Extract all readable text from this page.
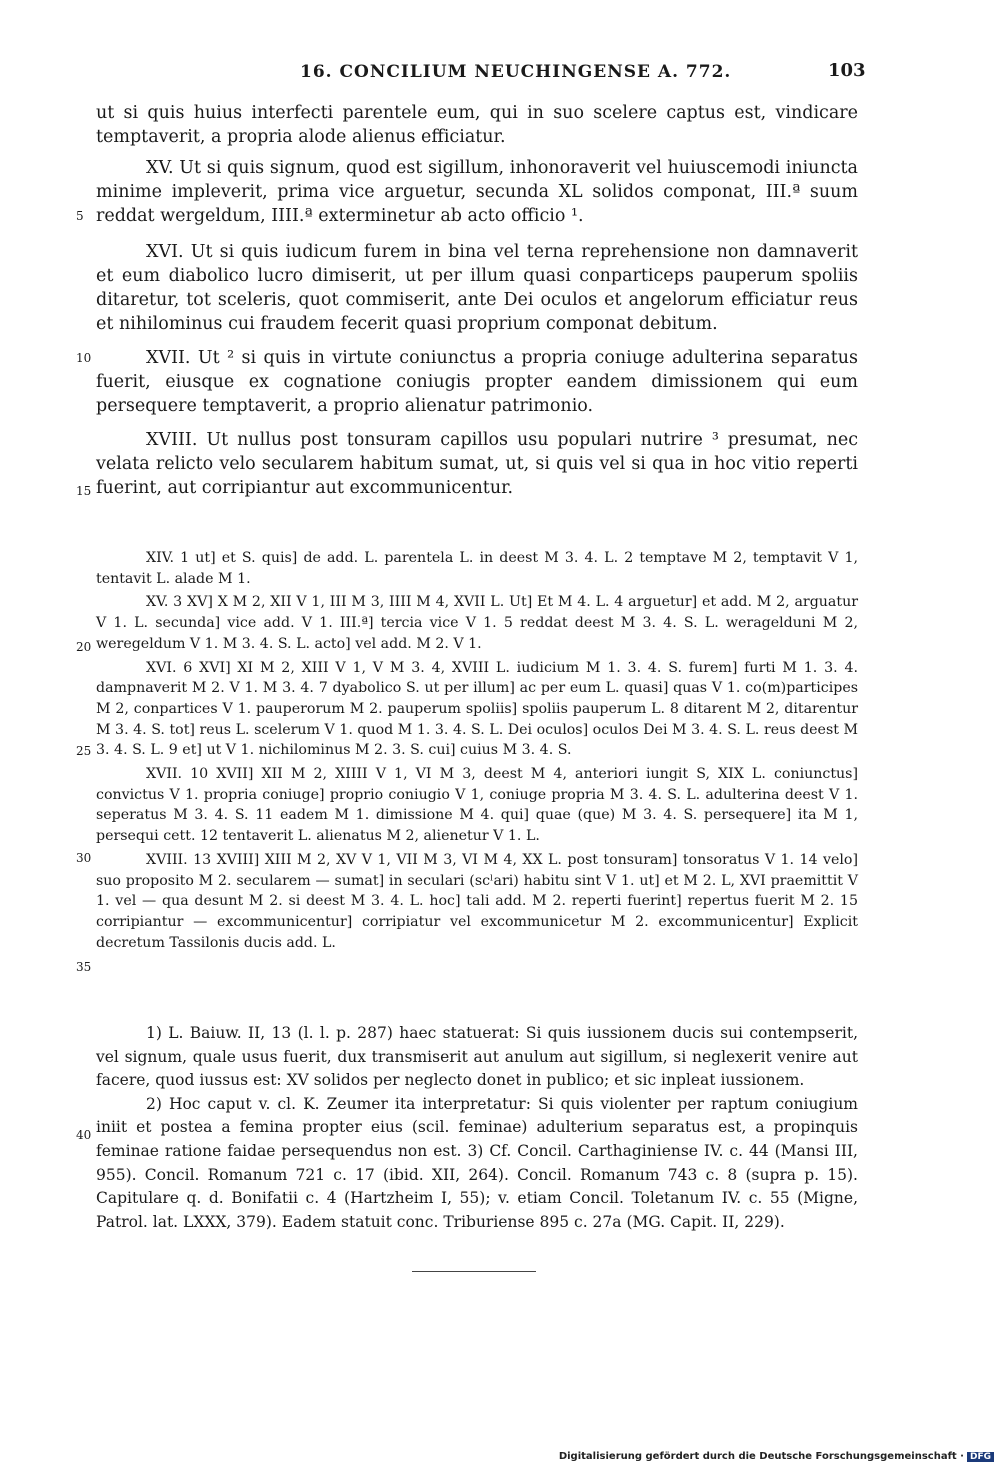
16. CONCILIUM NEUCHINGENSE A. 772.	103

ut si quis huius interfecti parentele eum, qui in suo scelere captus est, vindicare temptaverit, a propria alode alienus efficiatur.

XV. Ut si quis signum, quod est sigillum, inhonoraverit vel huiuscemodi iniuncta minime impleverit, prima vice arguetur, secunda XL solidos componat, III.ª suum reddat wergeldum, IIII.ª exterminetur ab acto officio ¹.

XVI. Ut si quis iudicum furem in bina vel terna reprehensione non damnaverit et eum diabolico lucro dimiserit, ut per illum quasi conparticeps pauperum spoliis ditaretur, tot sceleris, quot commiserit, ante Dei oculos et angelorum efficiatur reus et nihilominus cui fraudem fecerit quasi proprium componat debitum.

XVII. Ut ² si quis in virtute coniunctus a propria coniuge adulterina separatus fuerit, eiusque ex cognatione coniugis propter eandem dimissionem qui eum persequere temptaverit, a proprio alienatur patrimonio.

XVIII. Ut nullus post tonsuram capillos usu populari nutrire ³ presumat, nec velata relicto velo secularem habitum sumat, ut, si quis vel si qua in hoc vitio reperti fuerint, aut corripiantur aut excommunicentur.

5
10
15
20
25
30
35
40

XIV. 1 ut] et S. quis] de add. L. parentela L. in deest M 3. 4. L. 2 temptave M 2, temptavit V 1, tentavit L. alade M 1.

XV. 3 XV] X M 2, XII V 1, III M 3, IIII M 4, XVII L. Ut] Et M 4. L. 4 arguetur] et add. M 2, arguatur V 1. L. secunda] vice add. V 1. III.ª] tercia vice V 1. 5 reddat deest M 3. 4. S. L. weragelduni M 2, weregeldum V 1. M 3. 4. S. L. acto] vel add. M 2. V 1.

XVI. 6 XVI] XI M 2, XIII V 1, V M 3. 4, XVIII L. iudicium M 1. 3. 4. S. furem] furti M 1. 3. 4. dampnaverit M 2. V 1. M 3. 4. 7 dyabolico S. ut per illum] ac per eum L. quasi] quas V 1. co(m)participes M 2, conpartices V 1. pauperorum M 2. pauperum spoliis] spoliis pauperum L. 8 ditarent M 2, ditarentur M 3. 4. S. tot] reus L. scelerum V 1. quod M 1. 3. 4. S. L. Dei oculos] oculos Dei M 3. 4. S. L. reus deest M 3. 4. S. L. 9 et] ut V 1. nichilominus M 2. 3. S. cui] cuius M 3. 4. S.

XVII. 10 XVII] XII M 2, XIIII V 1, VI M 3, deest M 4, anteriori iungit S, XIX L. coniunctus] convictus V 1. propria coniuge] proprio coniugio V 1, coniuge propria M 3. 4. S. L. adulterina deest V 1. seperatus M 3. 4. S. 11 eadem M 1. dimissione M 4. qui] quae (que) M 3. 4. S. persequere] ita M 1, persequi cett. 12 tentaverit L. alienatus M 2, alienetur V 1. L.

XVIII. 13 XVIII] XIII M 2, XV V 1, VII M 3, VI M 4, XX L. post tonsuram] tonsoratus V 1. 14 velo] suo proposito M 2. secularem — sumat] in seculari (scˡari) habitu sint V 1. ut] et M 2. L, XVI praemittit V 1. vel — qua desunt M 2. si deest M 3. 4. L. hoc] tali add. M 2. reperti fuerint] repertus fuerit M 2. 15 corripiantur — excommunicentur] corripiatur vel excommunicetur M 2. excommunicentur] Explicit decretum Tassilonis ducis add. L.

1) L. Baiuw. II, 13 (l. l. p. 287) haec statuerat: Si quis iussionem ducis sui contempserit, vel signum, quale usus fuerit, dux transmiserit aut anulum aut sigillum, si neglexerit venire aut facere, quod iussus est: XV solidos per neglecto donet in publico; et sic inpleat iussionem.

2) Hoc caput v. cl. K. Zeumer ita interpretatur: Si quis violenter per raptum coniugium iniit et postea a femina propter eius (scil. feminae) adulterium separatus est, a propinquis feminae ratione faidae persequendus non est. 3) Cf. Concil. Carthaginiense IV. c. 44 (Mansi III, 955). Concil. Romanum 721 c. 17 (ibid. XII, 264). Concil. Romanum 743 c. 8 (supra p. 15). Capitulare q. d. Bonifatii c. 4 (Hartzheim I, 55); v. etiam Concil. Toletanum IV. c. 55 (Migne, Patrol. lat. LXXX, 379). Eadem statuit conc. Triburiense 895 c. 27a (MG. Capit. II, 229).

Digitalisierung gefördert durch die Deutsche Forschungsgemeinschaft · DFG
